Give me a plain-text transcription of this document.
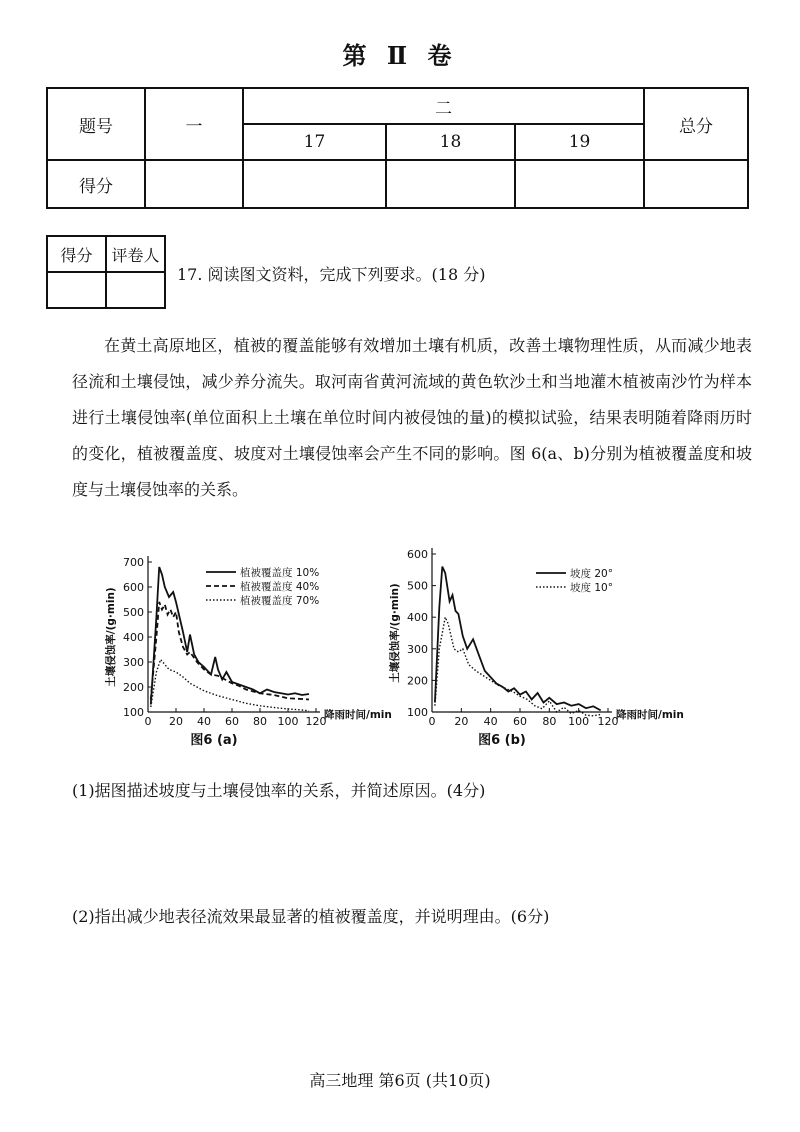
第 Ⅱ 卷
题号	一	二			总分
		17	18	19	
得分					
得分	评卷人

17. 阅读图文资料，完成下列要求。(18 分)

在黄土高原地区，植被的覆盖能够有效增加土壤有机质，改善土壤物理性质，从而减少地表径流和土壤侵蚀，减少养分流失。取河南省黄河流域的黄色软沙土和当地灌木植被南沙竹为样本进行土壤侵蚀率(单位面积上土壤在单位时间内被侵蚀的量)的模拟试验，结果表明随着降雨历时的变化，植被覆盖度、坡度对土壤侵蚀率会产生不同的影响。图 6(a、b)分别为植被覆盖度和坡度与土壤侵蚀率的关系。

0 20 40 60 80 100 120
100
200
300
400
500
600
700
土壤侵蚀率/(g·min)
降雨时间/min
植被覆盖度 10%
植被覆盖度 40%
植被覆盖度 70%
图6 (a)
0 20 40 60 80 100 120
100
200
300
400
500
600
土壤侵蚀率/(g·min)
降雨时间/min
坡度 20°
坡度 10°
图6 (b)
(1)据图描述坡度与土壤侵蚀率的关系，并简述原因。(4分)
(2)指出减少地表径流效果最显著的植被覆盖度，并说明理由。(6分)
高三地理 第6页 (共10页)
